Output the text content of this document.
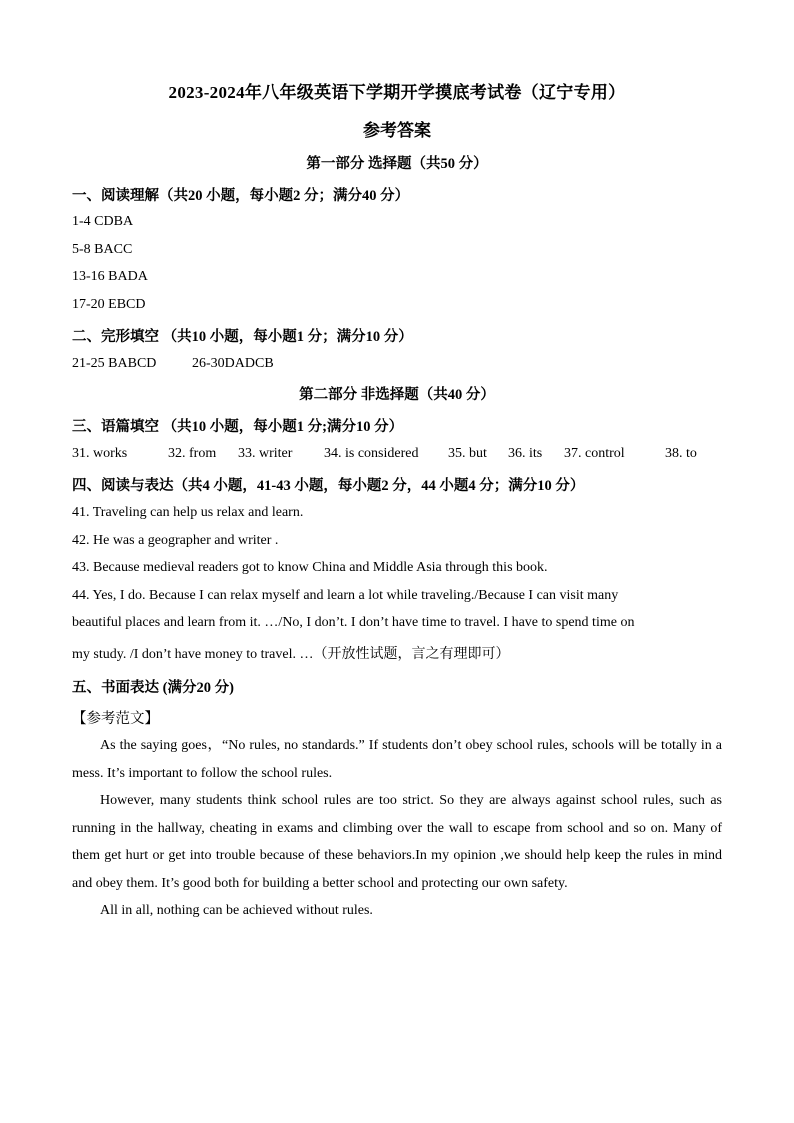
2023-2024年八年级英语下学期开学摸底考试卷（辽宁专用）
参考答案
第一部分 选择题（共50 分）
一、阅读理解（共20 小题，每小题2 分；满分40 分）
1-4 CDBA
5-8 BACC
13-16 BADA
17-20 EBCD
二、完形填空 （共10 小题，每小题1 分；满分10 分）
21-25 BABCD	26-30DADCB
第二部分 非选择题（共40 分）
三、语篇填空 （共10 小题，每小题1 分;满分10 分）
31. works	32. from 33. writer 34. is considered 35. but 36. its 37. control	38. to
四、阅读与表达（共4 小题，41-43 小题，每小题2 分，44 小题4 分；满分10 分）
41. Traveling can help us relax and learn.
42. He was a geographer and writer .
43. Because medieval readers got to know China and Middle Asia through this book.
44. Yes, I do. Because I can relax myself and learn a lot while traveling./Because I can visit many
beautiful places and learn from it. …/No, I don’t. I don’t have time to travel. I have to spend time on
my study. /I don’t have money to travel. …（开放性试题，言之有理即可）
五、书面表达 (满分20 分)
【参考范文】

As the saying goes，“No rules, no standards.” If students don’t obey school rules, schools will be totally in a mess. It’s important to follow the school rules.

However, many students think school rules are too strict. So they are always against school rules, such as running in the hallway, cheating in exams and climbing over the wall to escape from school and so on. Many of them get hurt or get into trouble because of these behaviors.In my opinion ,we should help keep the rules in mind and obey them. It’s good both for building a better school and protecting our own safety.

All in all, nothing can be achieved without rules.
